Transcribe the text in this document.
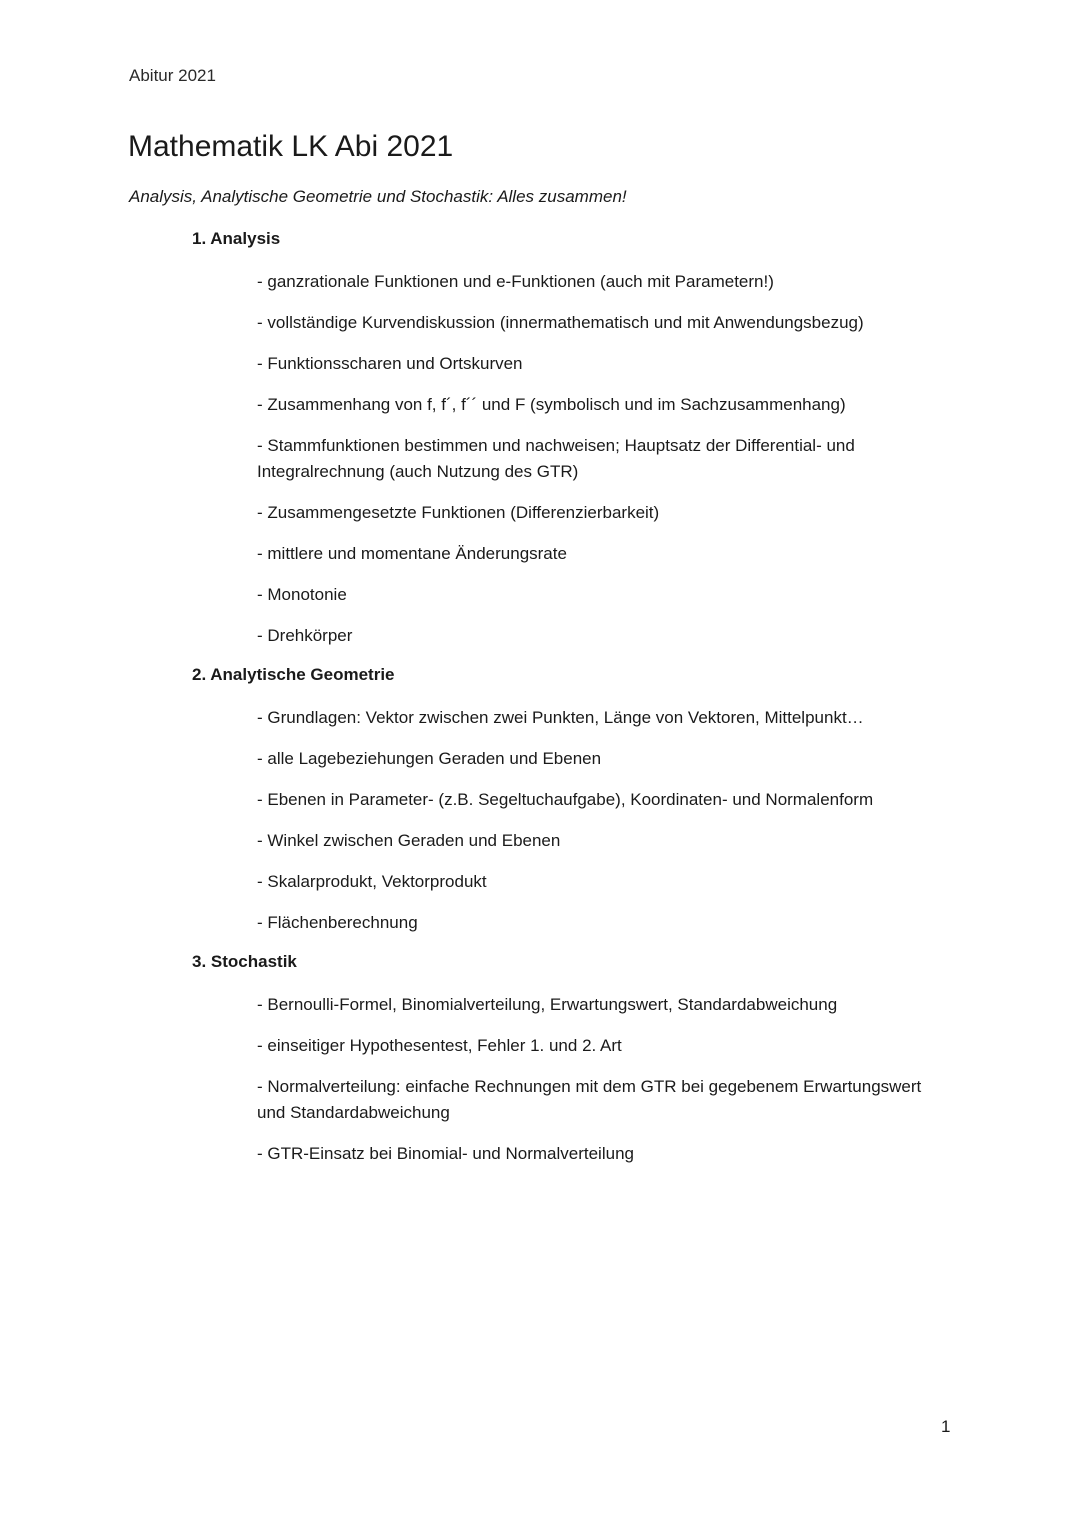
Abitur 2021
Mathematik LK Abi 2021
Analysis, Analytische Geometrie und Stochastik: Alles zusammen!
1. Analysis
- ganzrationale Funktionen und e-Funktionen (auch mit Parametern!)
- vollständige Kurvendiskussion (innermathematisch und mit Anwendungsbezug)
- Funktionsscharen und Ortskurven
- Zusammenhang von f, f´, f´´ und F (symbolisch und im Sachzusammenhang)
- Stammfunktionen bestimmen und nachweisen; Hauptsatz der Differential- und Integralrechnung (auch Nutzung des GTR)
- Zusammengesetzte Funktionen (Differenzierbarkeit)
- mittlere und momentane Änderungsrate
- Monotonie
- Drehkörper
2. Analytische Geometrie
- Grundlagen: Vektor zwischen zwei Punkten, Länge von Vektoren, Mittelpunkt…
- alle Lagebeziehungen Geraden und Ebenen
- Ebenen in Parameter- (z.B. Segeltuchaufgabe), Koordinaten- und Normalenform
- Winkel zwischen Geraden und Ebenen
- Skalarprodukt, Vektorprodukt
- Flächenberechnung
3. Stochastik
- Bernoulli-Formel, Binomialverteilung, Erwartungswert, Standardabweichung
- einseitiger Hypothesentest, Fehler 1. und 2. Art
- Normalverteilung: einfache Rechnungen mit dem GTR bei gegebenem Erwartungswert und Standardabweichung
- GTR-Einsatz bei Binomial- und Normalverteilung
1
